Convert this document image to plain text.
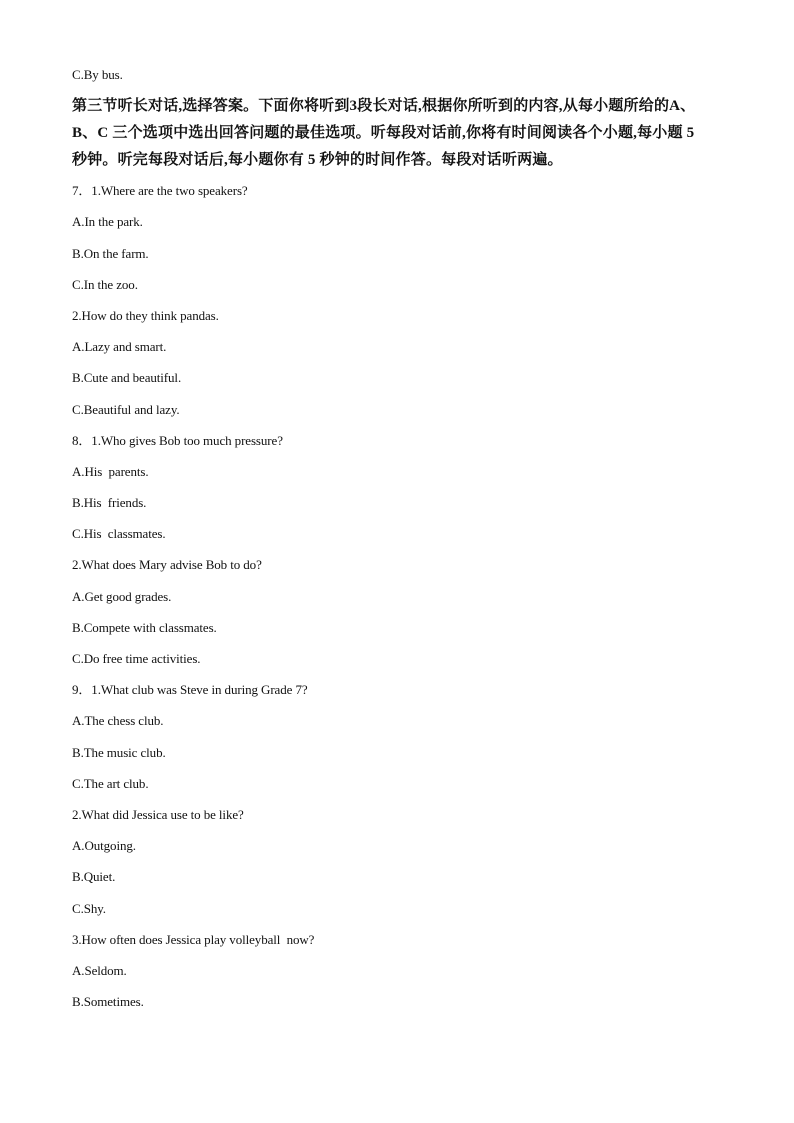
C.By bus.
第三节听长对话,选择答案。下面你将听到3段长对话,根据你所听到的内容,从每小题所给的A、
B、C 三个选项中选出回答问题的最佳选项。听每段对话前,你将有时间阅读各个小题,每小题 5
秒钟。听完每段对话后,每小题你有 5 秒钟的时间作答。每段对话听两遍。
7．1.Where are the two speakers?
A.In the park.
B.On the farm.
C.In the zoo.
2.How do they think pandas.
A.Lazy and smart.
B.Cute and beautiful.
C.Beautiful and lazy.
8．1.Who gives Bob too much pressure?
A.His  parents.
B.His  friends.
C.His  classmates.
2.What does Mary advise Bob to do?
A.Get good grades.
B.Compete with classmates.
C.Do free time activities.
9．1.What club was Steve in during Grade 7?
A.The chess club.
B.The music club.
C.The art club.
2.What did Jessica use to be like?
A.Outgoing.
B.Quiet.
C.Shy.
3.How often does Jessica play volleyball  now?
A.Seldom.
B.Sometimes.
